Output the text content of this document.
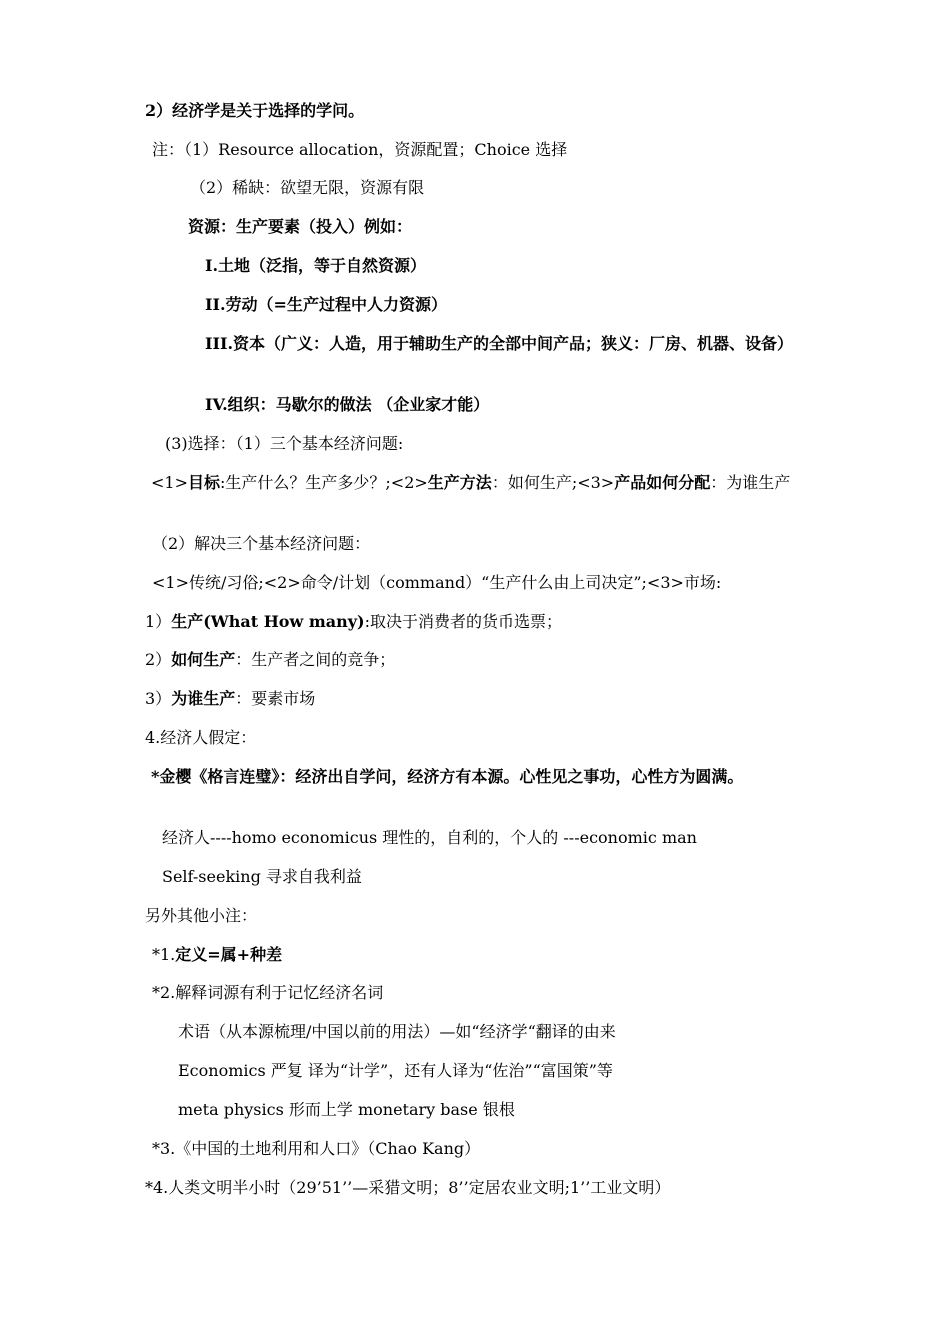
2）经济学是关于选择的学问。
注：（1）Resource allocation，资源配置；Choice 选择
（2）稀缺：欲望无限，资源有限
资源：生产要素（投入）例如：
I.土地（泛指，等于自然资源）
II.劳动（=生产过程中人力资源）
III.资本（广义：人造，用于辅助生产的全部中间产品；狭义：厂房、机器、设备）
IV.组织：马歇尔的做法 （企业家才能）
(3)选择：（1）三个基本经济问题:
<1>目标:生产什么？生产多少？;<2>生产方法：如何生产;<3>产品如何分配：为谁生产
（2）解决三个基本经济问题：
<1>传统/习俗;<2>命令/计划（command）“生产什么由上司决定”;<3>市场:
1）生产(What How many):取决于消费者的货币选票；
2）如何生产：生产者之间的竞争；
3）为谁生产：要素市场
4.经济人假定：
*金樱《格言连璧》：经济出自学问，经济方有本源。心性见之事功，心性方为圆满。
经济人----homo economicus 理性的，自利的，个人的 ---economic man
Self-seeking 寻求自我利益
另外其他小注：
*1.定义=属+种差
*2.解释词源有利于记忆经济名词
术语（从本源梳理/中国以前的用法）—如“经济学“翻译的由来
Economics 严复 译为“计学”，还有人译为“佐治”“富国策”等
meta physics 形而上学 monetary base 银根
*3.《中国的土地利用和人口》（Chao Kang）
*4.人类文明半小时（29’51’’—采猎文明；8’’定居农业文明;1’’工业文明）
